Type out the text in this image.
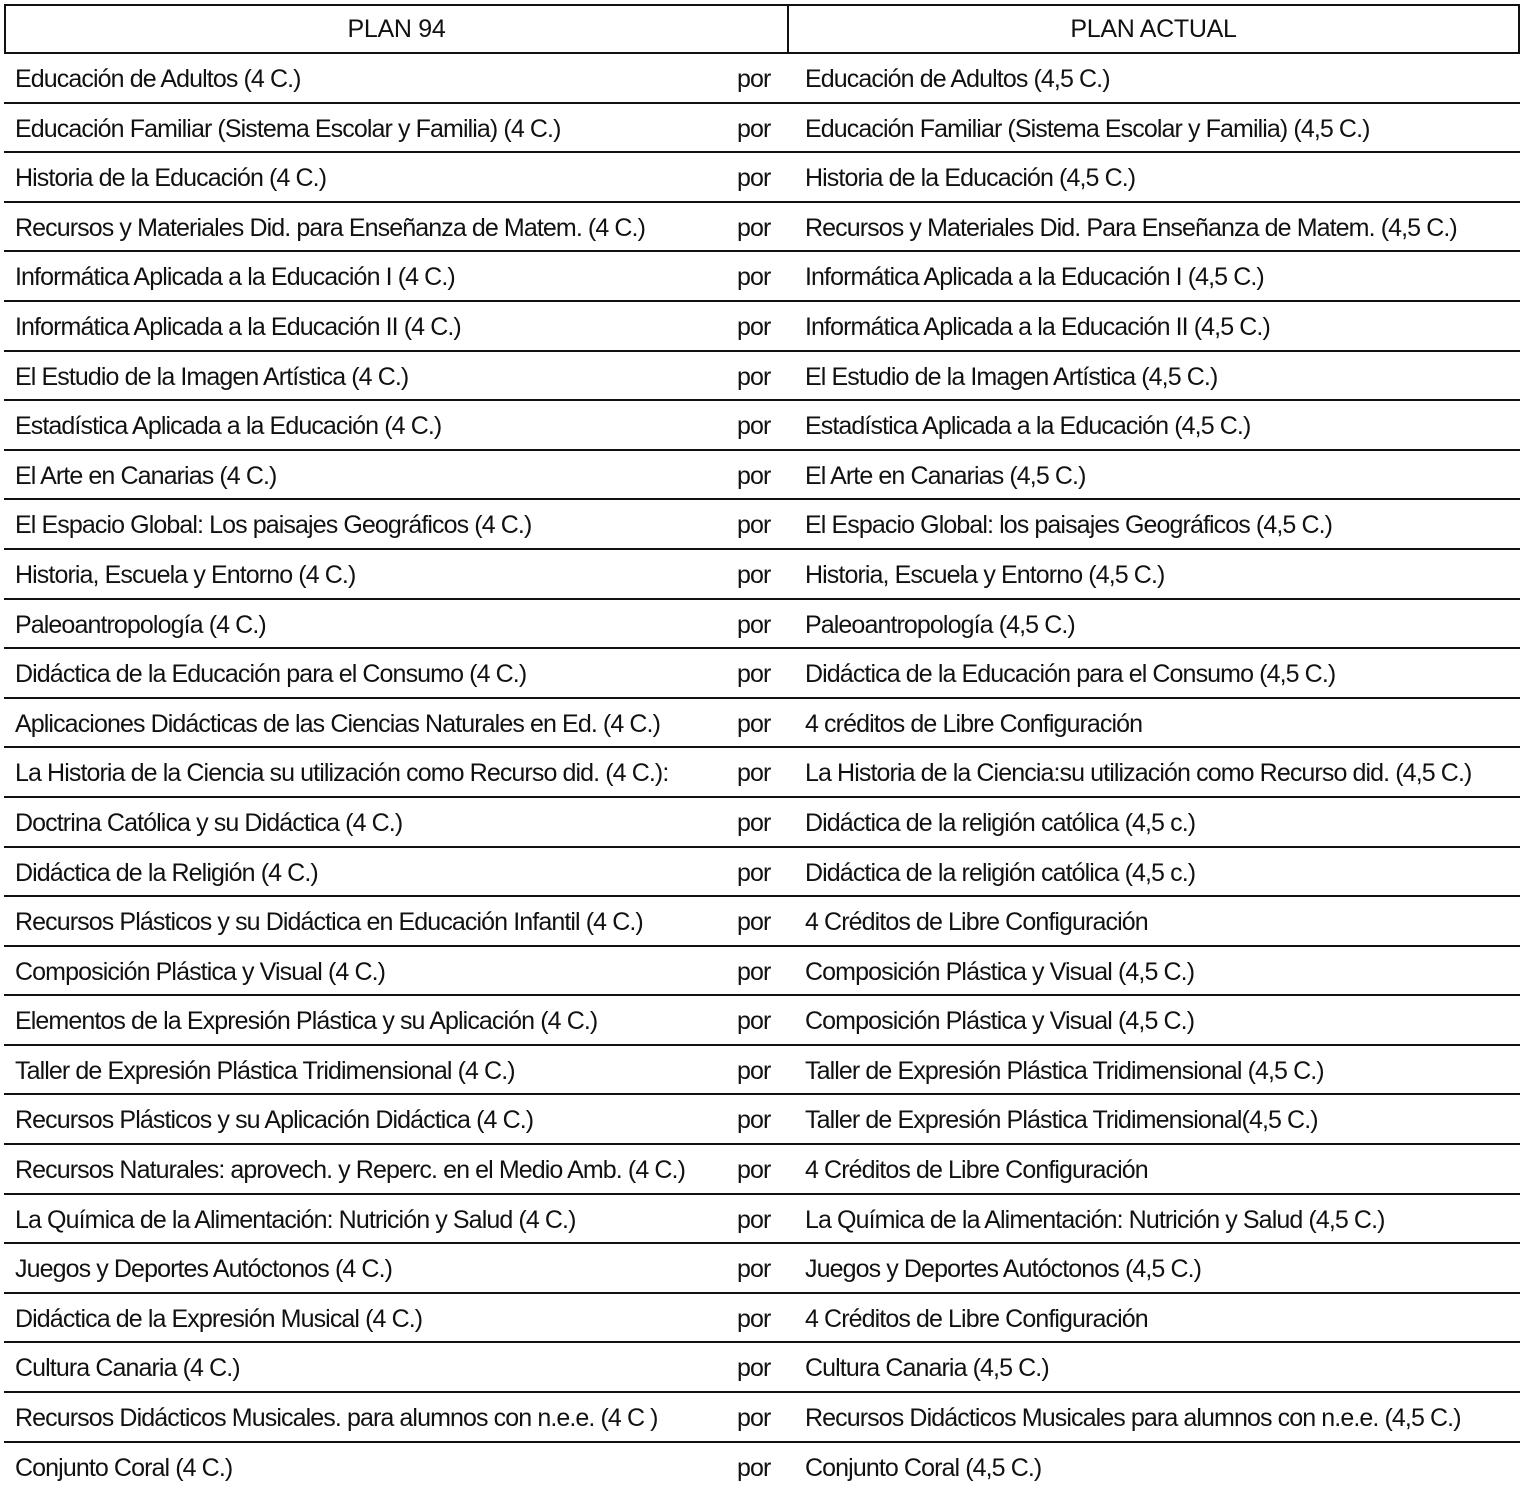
PLAN 94	PLAN ACTUAL
Educación de Adultos (4 C.)	por	Educación de Adultos (4,5 C.)
Educación Familiar (Sistema Escolar y Familia) (4 C.)	por	Educación Familiar (Sistema Escolar y Familia) (4,5 C.)
Historia de la Educación (4 C.)	por	Historia de la Educación (4,5 C.)
Recursos y Materiales Did. para Enseñanza de Matem. (4 C.)	por	Recursos y Materiales Did. Para Enseñanza de Matem. (4,5 C.)
Informática Aplicada a la Educación I (4 C.)	por	Informática Aplicada a la Educación I (4,5 C.)
Informática Aplicada a la Educación II (4 C.)	por	Informática Aplicada a la Educación II (4,5 C.)
El Estudio de la Imagen Artística (4 C.)	por	El Estudio de la Imagen Artística (4,5 C.)
Estadística Aplicada a la Educación (4 C.)	por	Estadística Aplicada a la Educación (4,5 C.)
El Arte en Canarias (4 C.)	por	El Arte en Canarias (4,5 C.)
El Espacio Global: Los paisajes Geográficos (4 C.)	por	El Espacio Global: los paisajes Geográficos (4,5 C.)
Historia, Escuela y Entorno (4 C.)	por	Historia, Escuela y Entorno (4,5 C.)
Paleoantropología (4 C.)	por	Paleoantropología (4,5 C.)
Didáctica de la Educación para el Consumo (4 C.)	por	Didáctica de la Educación para el Consumo (4,5 C.)
Aplicaciones Didácticas de las Ciencias Naturales en Ed. (4 C.)	por	4 créditos de Libre Configuración
La Historia de la Ciencia su utilización como Recurso did. (4 C.):	por	La Historia de la Ciencia:su utilización como Recurso did. (4,5 C.)
Doctrina Católica y su Didáctica (4 C.)	por	Didáctica de la religión católica (4,5 c.)
Didáctica de la Religión (4 C.)	por	Didáctica de la religión católica (4,5 c.)
Recursos Plásticos y su Didáctica en Educación Infantil (4 C.)	por	4 Créditos de Libre Configuración
Composición Plástica y Visual (4 C.)	por	Composición Plástica y Visual (4,5 C.)
Elementos de la Expresión Plástica y su Aplicación (4 C.)	por	Composición Plástica y Visual (4,5 C.)
Taller de Expresión Plástica Tridimensional (4 C.)	por	Taller de Expresión Plástica Tridimensional (4,5 C.)
Recursos Plásticos y su Aplicación Didáctica (4 C.)	por	Taller de Expresión Plástica Tridimensional(4,5 C.)
Recursos Naturales: aprovech. y Reperc. en el Medio Amb. (4 C.)	por	4 Créditos de Libre Configuración
La Química de la Alimentación: Nutrición y Salud (4 C.)	por	La Química de la Alimentación: Nutrición y Salud (4,5 C.)
Juegos y Deportes Autóctonos (4 C.)	por	Juegos y Deportes Autóctonos (4,5 C.)
Didáctica de la Expresión Musical (4 C.)	por	4 Créditos de Libre Configuración
Cultura Canaria (4 C.)	por	Cultura Canaria (4,5 C.)
Recursos Didácticos Musicales. para alumnos con n.e.e. (4 C )	por	Recursos Didácticos Musicales para alumnos con n.e.e. (4,5 C.)
Conjunto Coral (4 C.)	por	Conjunto Coral (4,5 C.)
